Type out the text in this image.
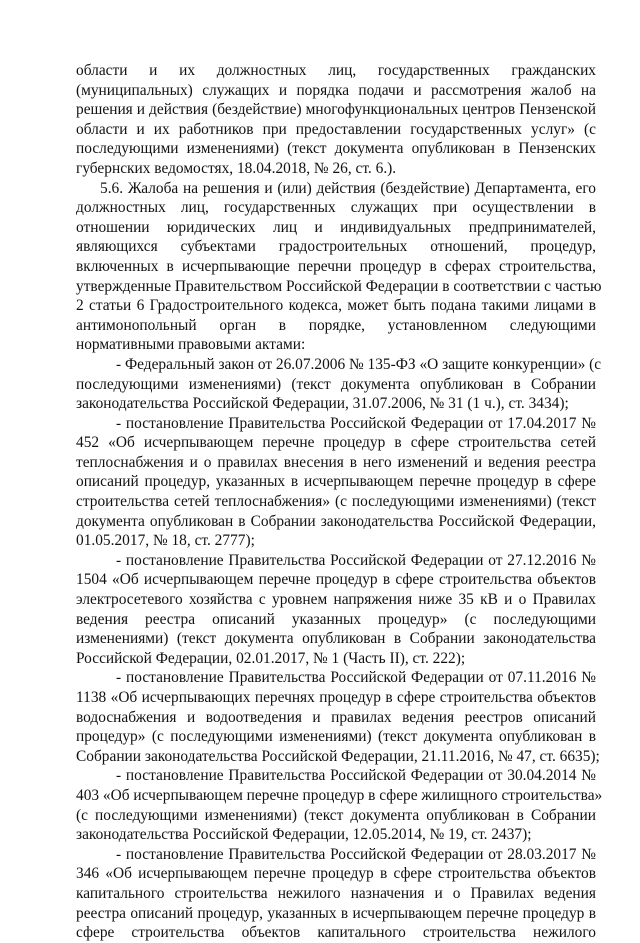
области и их должностных лиц, государственных гражданских
(муниципальных) служащих и порядка подачи и рассмотрения жалоб на
решения и действия (бездействие) многофункциональных центров Пензенской
области и их работников при предоставлении государственных услуг» (с
последующими изменениями) (текст документа опубликован в Пензенских
губернских ведомостях, 18.04.2018, № 26, ст. 6.).
5.6. Жалоба на решения и (или) действия (бездействие) Департамента, его
должностных лиц, государственных служащих при осуществлении в
отношении юридических лиц и индивидуальных предпринимателей,
являющихся субъектами градостроительных отношений, процедур,
включенных в исчерпывающие перечни процедур в сферах строительства,
утвержденные Правительством Российской Федерации в соответствии с частью
2 статьи 6 Градостроительного кодекса, может быть подана такими лицами в
антимонопольный орган в порядке, установленном следующими
нормативными правовыми актами:
- Федеральный закон от 26.07.2006 № 135-ФЗ «О защите конкуренции» (с
последующими изменениями) (текст документа опубликован в Собрании
законодательства Российской Федерации, 31.07.2006, № 31 (1 ч.), ст. 3434);
- постановление Правительства Российской Федерации от 17.04.2017 №
452 «Об исчерпывающем перечне процедур в сфере строительства сетей
теплоснабжения и о правилах внесения в него изменений и ведения реестра
описаний процедур, указанных в исчерпывающем перечне процедур в сфере
строительства сетей теплоснабжения» (с последующими изменениями) (текст
документа опубликован в Собрании законодательства Российской Федерации,
01.05.2017, № 18, ст. 2777);
- постановление Правительства Российской Федерации от 27.12.2016 №
1504 «Об исчерпывающем перечне процедур в сфере строительства объектов
электросетевого хозяйства с уровнем напряжения ниже 35 кВ и о Правилах
ведения реестра описаний указанных процедур» (с последующими
изменениями) (текст документа опубликован в Собрании законодательства
Российской Федерации, 02.01.2017, № 1 (Часть II), ст. 222);
- постановление Правительства Российской Федерации от 07.11.2016 №
1138 «Об исчерпывающих перечнях процедур в сфере строительства объектов
водоснабжения и водоотведения и правилах ведения реестров описаний
процедур» (с последующими изменениями) (текст документа опубликован в
Собрании законодательства Российской Федерации, 21.11.2016, № 47, ст. 6635);
- постановление Правительства Российской Федерации от 30.04.2014 №
403 «Об исчерпывающем перечне процедур в сфере жилищного строительства»
(с последующими изменениями) (текст документа опубликован в Собрании
законодательства Российской Федерации, 12.05.2014, № 19, ст. 2437);
- постановление Правительства Российской Федерации от 28.03.2017 №
346 «Об исчерпывающем перечне процедур в сфере строительства объектов
капитального строительства нежилого назначения и о Правилах ведения
реестра описаний процедур, указанных в исчерпывающем перечне процедур в
сфере строительства объектов капитального строительства нежилого
